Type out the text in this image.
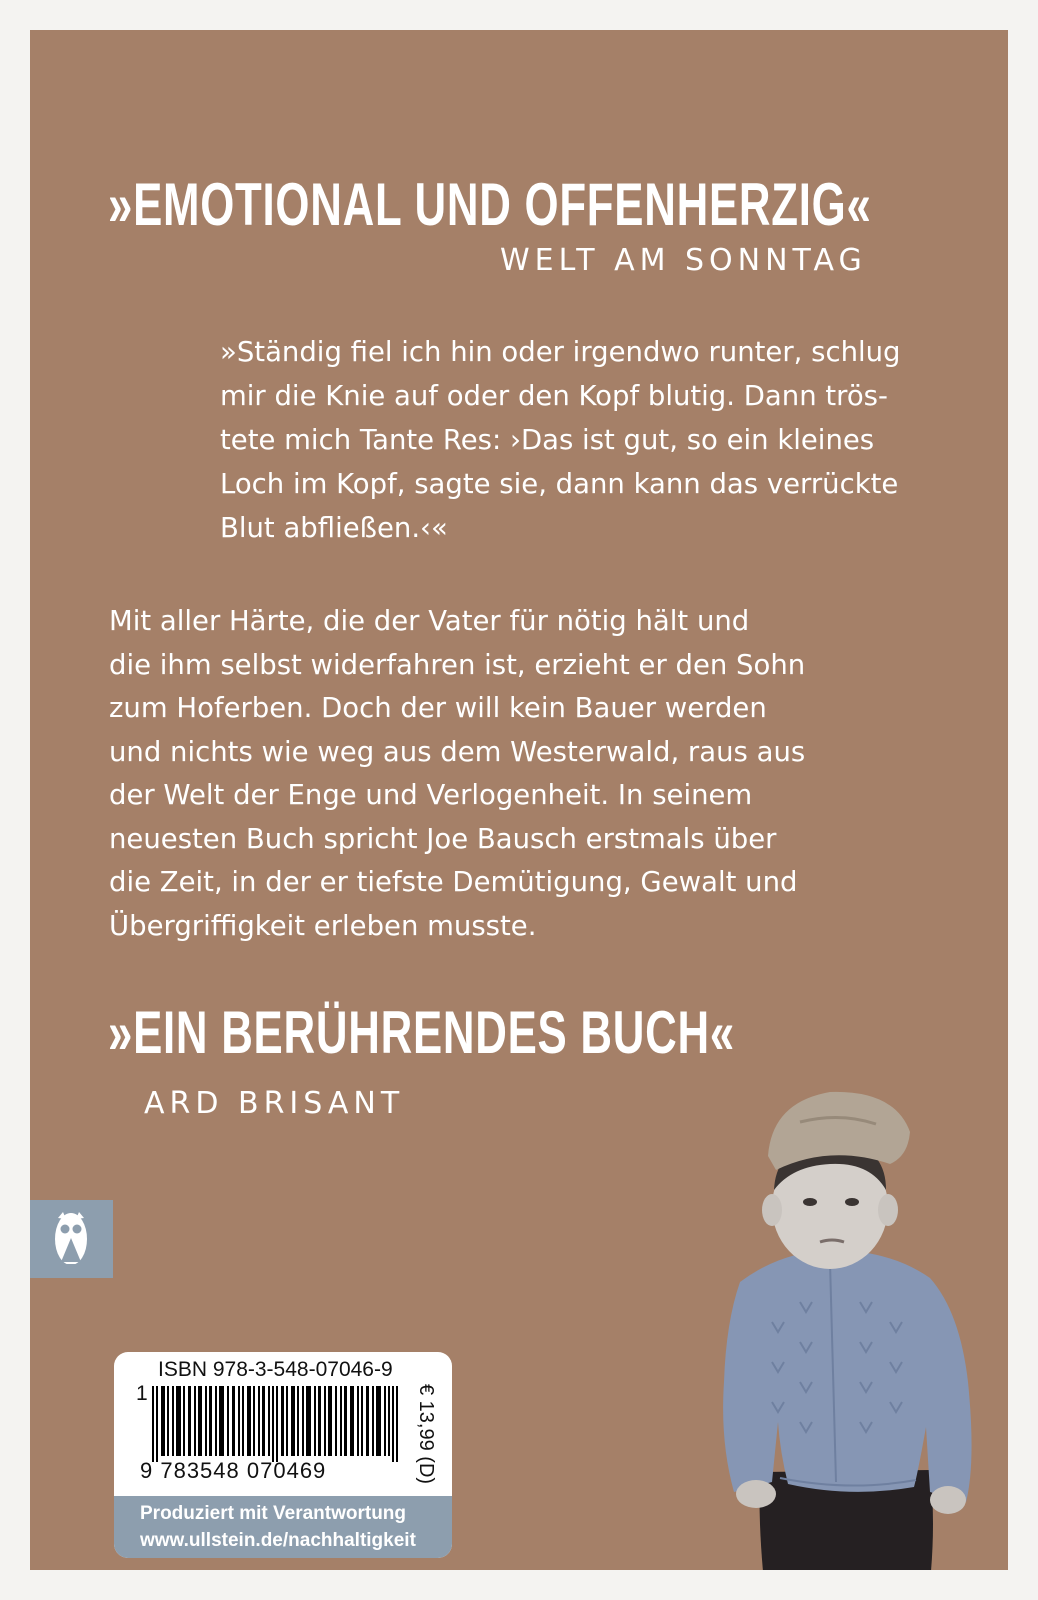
»EMOTIONAL UND OFFENHERZIG«

WELT AM SONNTAG

»Ständig fiel ich hin oder irgendwo runter, schlug
mir die Knie auf oder den Kopf blutig. Dann trös-
tete mich Tante Res: ›Das ist gut, so ein kleines
Loch im Kopf, sagte sie, dann kann das verrückte
Blut abfließen.‹«
Mit aller Härte, die der Vater für nötig hält und
die ihm selbst widerfahren ist, erzieht er den Sohn
zum Hoferben. Doch der will kein Bauer werden
und nichts wie weg aus dem Westerwald, raus aus
der Welt der Enge und Verlogenheit. In seinem
neuesten Buch spricht Joe Bausch erstmals über
die Zeit, in der er tiefste Demütigung, Gewalt und
Übergriffigkeit erleben musste.
»EIN BERÜHRENDES BUCH«

ARD BRISANT

ISBN 978-3-548-07046-9

1
9 783548 070469	€ 13,99 (D)

Produziert mit Verantwortung

www.ullstein.de/nachhaltigkeit
